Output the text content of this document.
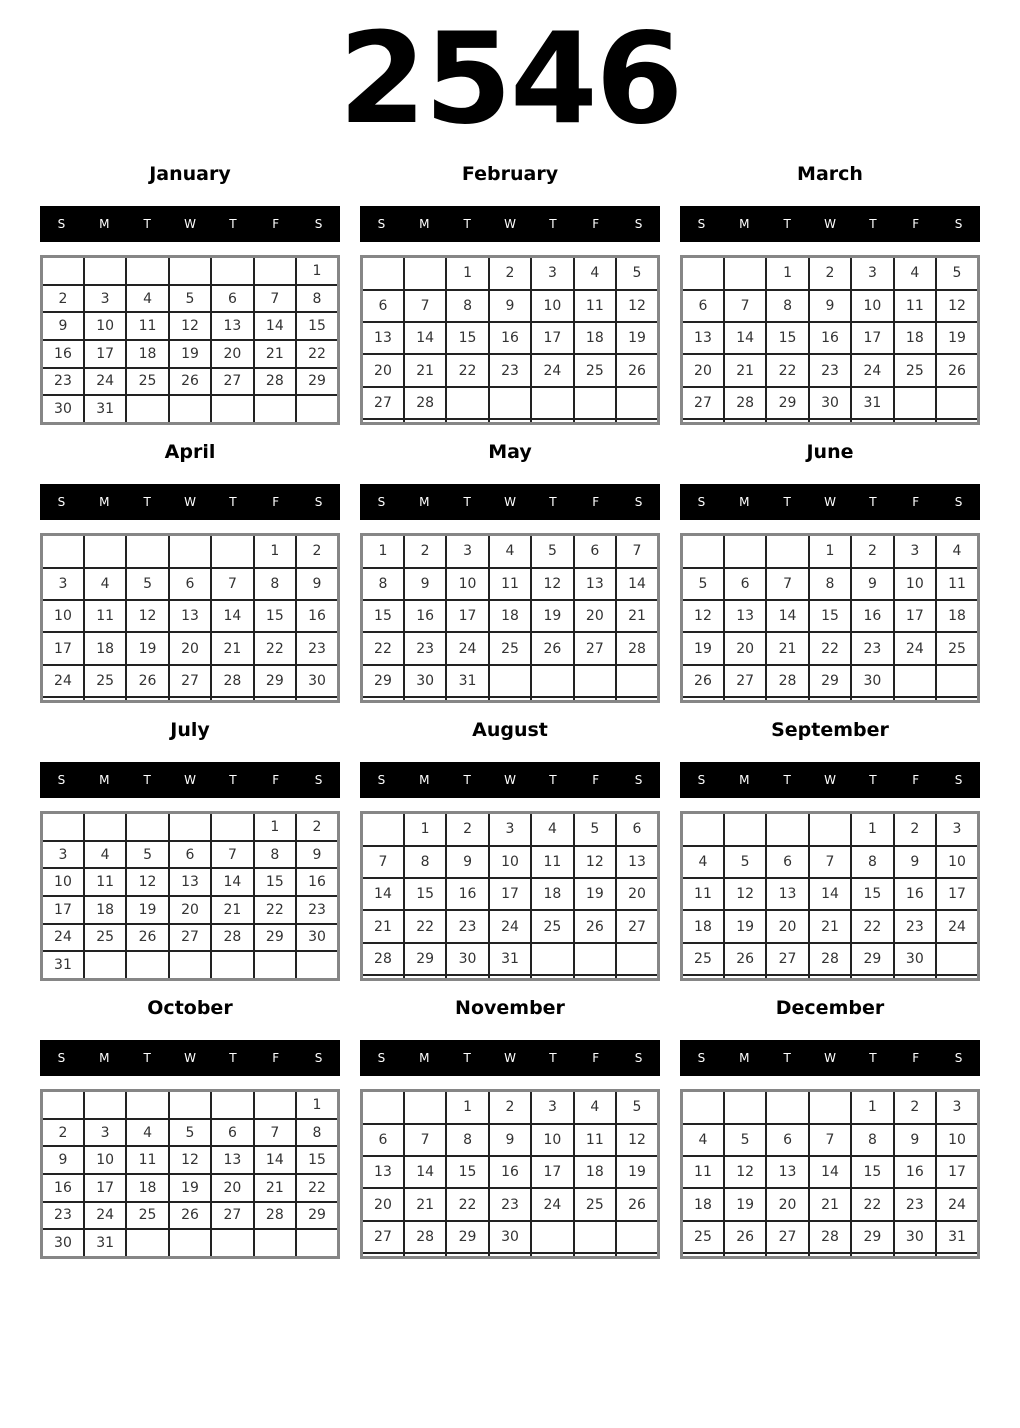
2546
January
S	M	T	W	T	F	S
						1
2	3	4	5	6	7	8
9	10	11	12	13	14	15
16	17	18	19	20	21	22
23	24	25	26	27	28	29
30	31					
February
S	M	T	W	T	F	S
		1	2	3	4	5
6	7	8	9	10	11	12
13	14	15	16	17	18	19
20	21	22	23	24	25	26
27	28					

March
S	M	T	W	T	F	S
		1	2	3	4	5
6	7	8	9	10	11	12
13	14	15	16	17	18	19
20	21	22	23	24	25	26
27	28	29	30	31		

April
S	M	T	W	T	F	S
					1	2
3	4	5	6	7	8	9
10	11	12	13	14	15	16
17	18	19	20	21	22	23
24	25	26	27	28	29	30

May
S	M	T	W	T	F	S
1	2	3	4	5	6	7
8	9	10	11	12	13	14
15	16	17	18	19	20	21
22	23	24	25	26	27	28
29	30	31				

June
S	M	T	W	T	F	S
			1	2	3	4
5	6	7	8	9	10	11
12	13	14	15	16	17	18
19	20	21	22	23	24	25
26	27	28	29	30		

July
S	M	T	W	T	F	S
					1	2
3	4	5	6	7	8	9
10	11	12	13	14	15	16
17	18	19	20	21	22	23
24	25	26	27	28	29	30
31						
August
S	M	T	W	T	F	S
	1	2	3	4	5	6
7	8	9	10	11	12	13
14	15	16	17	18	19	20
21	22	23	24	25	26	27
28	29	30	31			

September
S	M	T	W	T	F	S
				1	2	3
4	5	6	7	8	9	10
11	12	13	14	15	16	17
18	19	20	21	22	23	24
25	26	27	28	29	30	

October
S	M	T	W	T	F	S
						1
2	3	4	5	6	7	8
9	10	11	12	13	14	15
16	17	18	19	20	21	22
23	24	25	26	27	28	29
30	31					
November
S	M	T	W	T	F	S
		1	2	3	4	5
6	7	8	9	10	11	12
13	14	15	16	17	18	19
20	21	22	23	24	25	26
27	28	29	30			

December
S	M	T	W	T	F	S
				1	2	3
4	5	6	7	8	9	10
11	12	13	14	15	16	17
18	19	20	21	22	23	24
25	26	27	28	29	30	31
